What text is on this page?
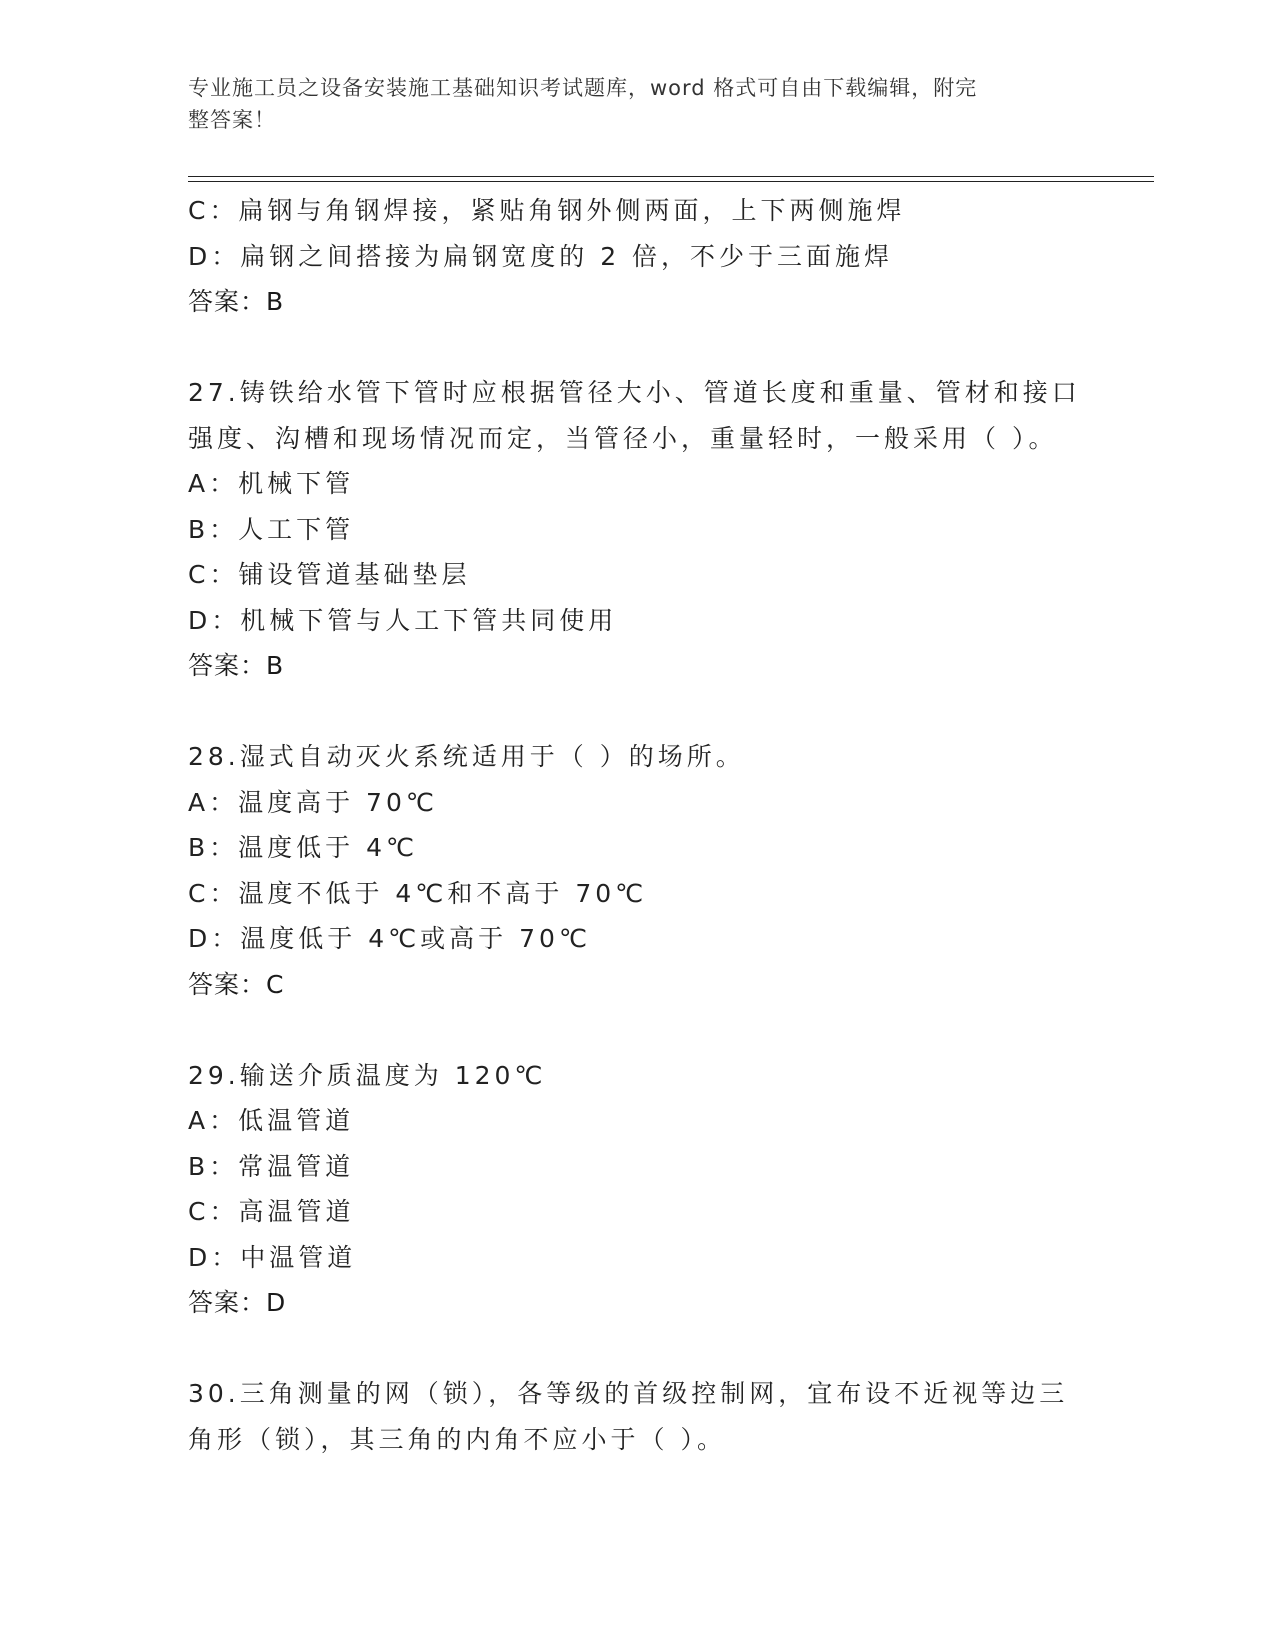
专业施工员之设备安装施工基础知识考试题库，word 格式可自由下载编辑，附完
整答案！
C：扁钢与角钢焊接，紧贴角钢外侧两面，上下两侧施焊
D：扁钢之间搭接为扁钢宽度的 2 倍，不少于三面施焊
答案：B
27.铸铁给水管下管时应根据管径大小、管道长度和重量、管材和接口
强度、沟槽和现场情况而定，当管径小，重量轻时，一般采用（ ）。
A：机械下管
B：人工下管
C：铺设管道基础垫层
D：机械下管与人工下管共同使用
答案：B
28.湿式自动灭火系统适用于（ ）的场所。
A：温度高于 70℃
B：温度低于 4℃
C：温度不低于 4℃和不高于 70℃
D：温度低于 4℃或高于 70℃
答案：C
29.输送介质温度为 120℃
A：低温管道
B：常温管道
C：高温管道
D：中温管道
答案：D
30.三角测量的网（锁），各等级的首级控制网，宜布设不近视等边三
角形（锁），其三角的内角不应小于（ ）。
